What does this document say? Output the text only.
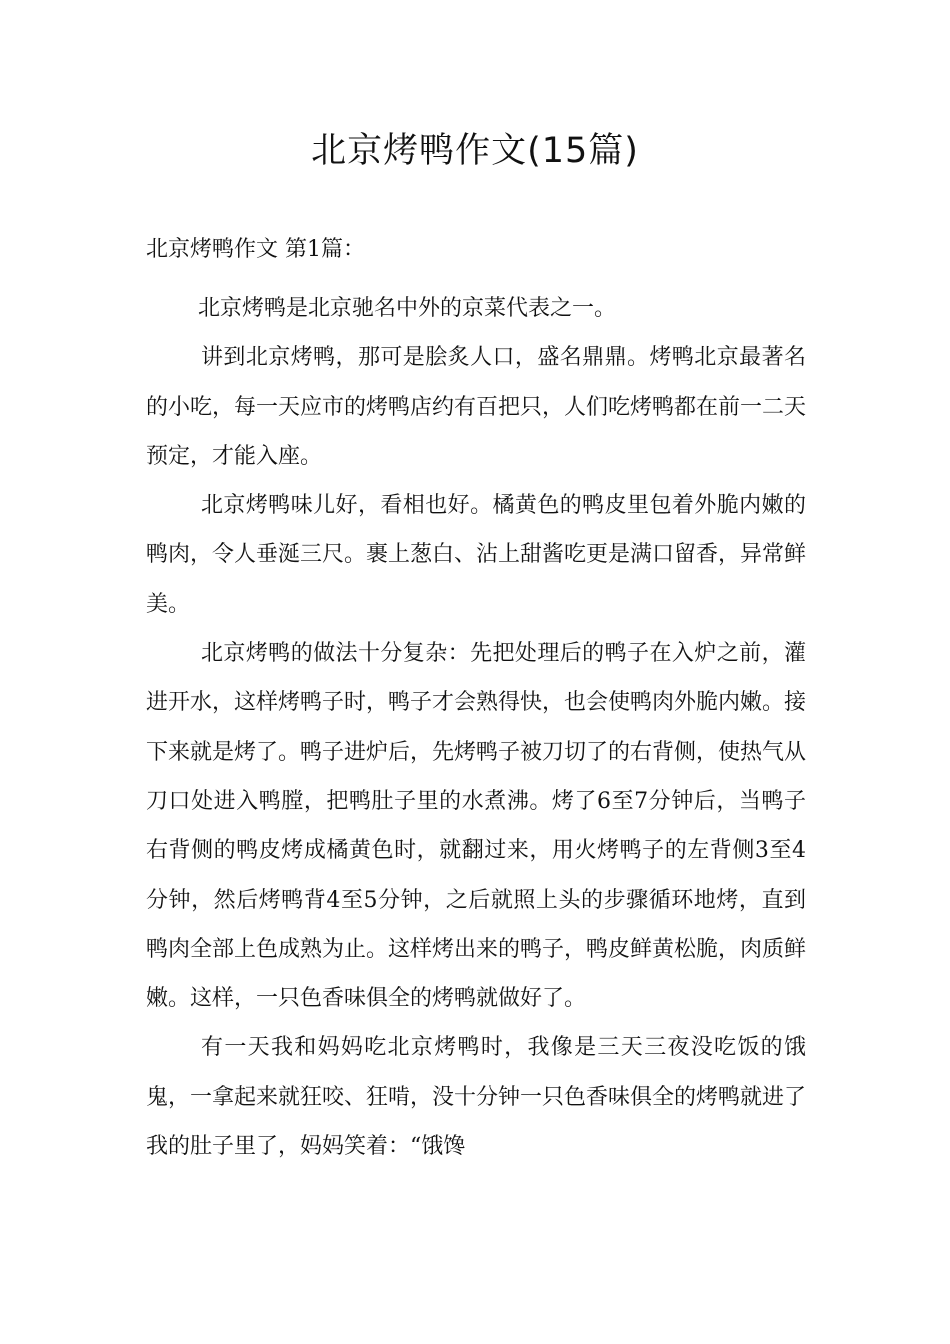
北京烤鸭作文(15篇)
北京烤鸭作文 第1篇：

北京烤鸭是北京驰名中外的京菜代表之一。

讲到北京烤鸭，那可是脍炙人口，盛名鼎鼎。烤鸭北京最著名的小吃，每一天应市的烤鸭店约有百把只，人们吃烤鸭都在前一二天预定，才能入座。

北京烤鸭味儿好，看相也好。橘黄色的鸭皮里包着外脆内嫩的鸭肉，令人垂涎三尺。裹上葱白、沾上甜酱吃更是满口留香，异常鲜美。

北京烤鸭的做法十分复杂：先把处理后的鸭子在入炉之前，灌进开水，这样烤鸭子时，鸭子才会熟得快，也会使鸭肉外脆内嫩。接下来就是烤了。鸭子进炉后，先烤鸭子被刀切了的右背侧，使热气从刀口处进入鸭膛，把鸭肚子里的水煮沸。烤了6至7分钟后，当鸭子右背侧的鸭皮烤成橘黄色时，就翻过来，用火烤鸭子的左背侧3至4分钟，然后烤鸭背4至5分钟，之后就照上头的步骤循环地烤，直到鸭肉全部上色成熟为止。这样烤出来的鸭子，鸭皮鲜黄松脆，肉质鲜嫩。这样，一只色香味俱全的烤鸭就做好了。

有一天我和妈妈吃北京烤鸭时，我像是三天三夜没吃饭的饿鬼，一拿起来就狂咬、狂啃，没十分钟一只色香味俱全的烤鸭就进了我的肚子里了，妈妈笑着：“饿馋
